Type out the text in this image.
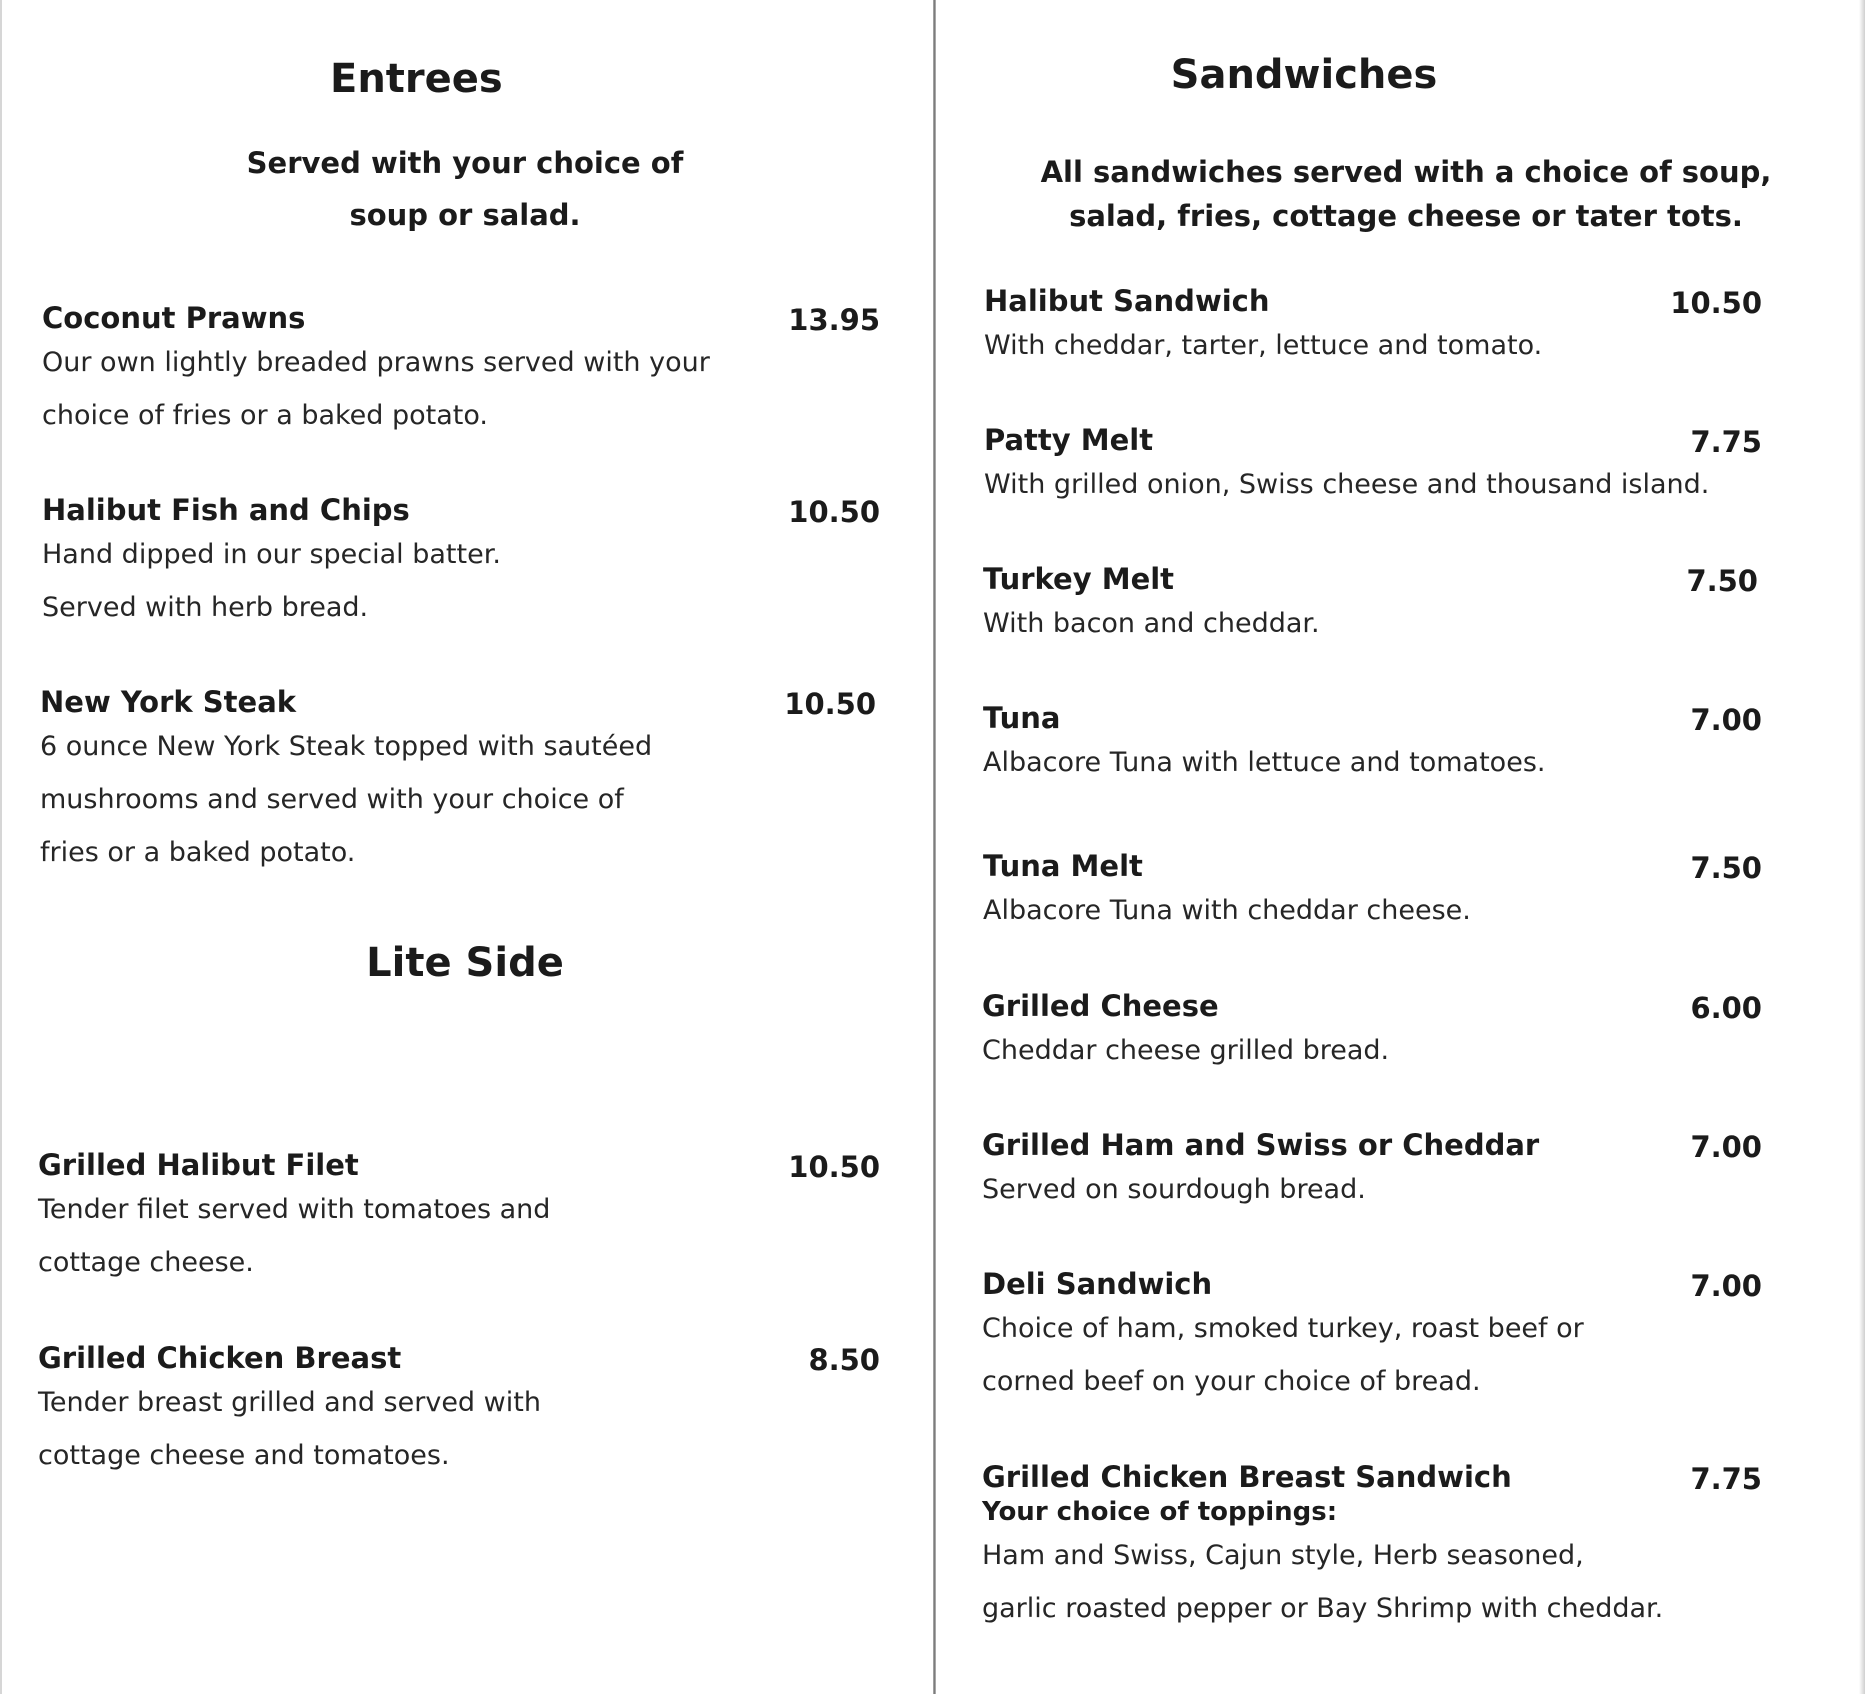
Entrees
Served with your choice of
soup or salad.
Coconut Prawns
Our own lightly breaded prawns served with your
choice of fries or a baked potato.
13.95
Halibut Fish and Chips
Hand dipped in our special batter.
Served with herb bread.
10.50
New York Steak
6 ounce New York Steak topped with sautéed
mushrooms and served with your choice of
fries or a baked potato.
10.50
Lite Side
Grilled Halibut Filet
Tender filet served with tomatoes and
cottage cheese.
10.50
Grilled Chicken Breast
Tender breast grilled and served with
cottage cheese and tomatoes.
8.50
Sandwiches
All sandwiches served with a choice of soup,
salad, fries, cottage cheese or tater tots.
Halibut Sandwich
With cheddar, tarter, lettuce and tomato.
10.50
Patty Melt
With grilled onion, Swiss cheese and thousand island.
7.75
Turkey Melt
With bacon and cheddar.
7.50
Tuna
Albacore Tuna with lettuce and tomatoes.
7.00
Tuna Melt
Albacore Tuna with cheddar cheese.
7.50
Grilled Cheese
Cheddar cheese grilled bread.
6.00
Grilled Ham and Swiss or Cheddar
Served on sourdough bread.
7.00
Deli Sandwich
Choice of ham, smoked turkey, roast beef or
corned beef on your choice of bread.
7.00
Grilled Chicken Breast Sandwich
Your choice of toppings:
Ham and Swiss, Cajun style, Herb seasoned,
garlic roasted pepper or Bay Shrimp with cheddar.
7.75
